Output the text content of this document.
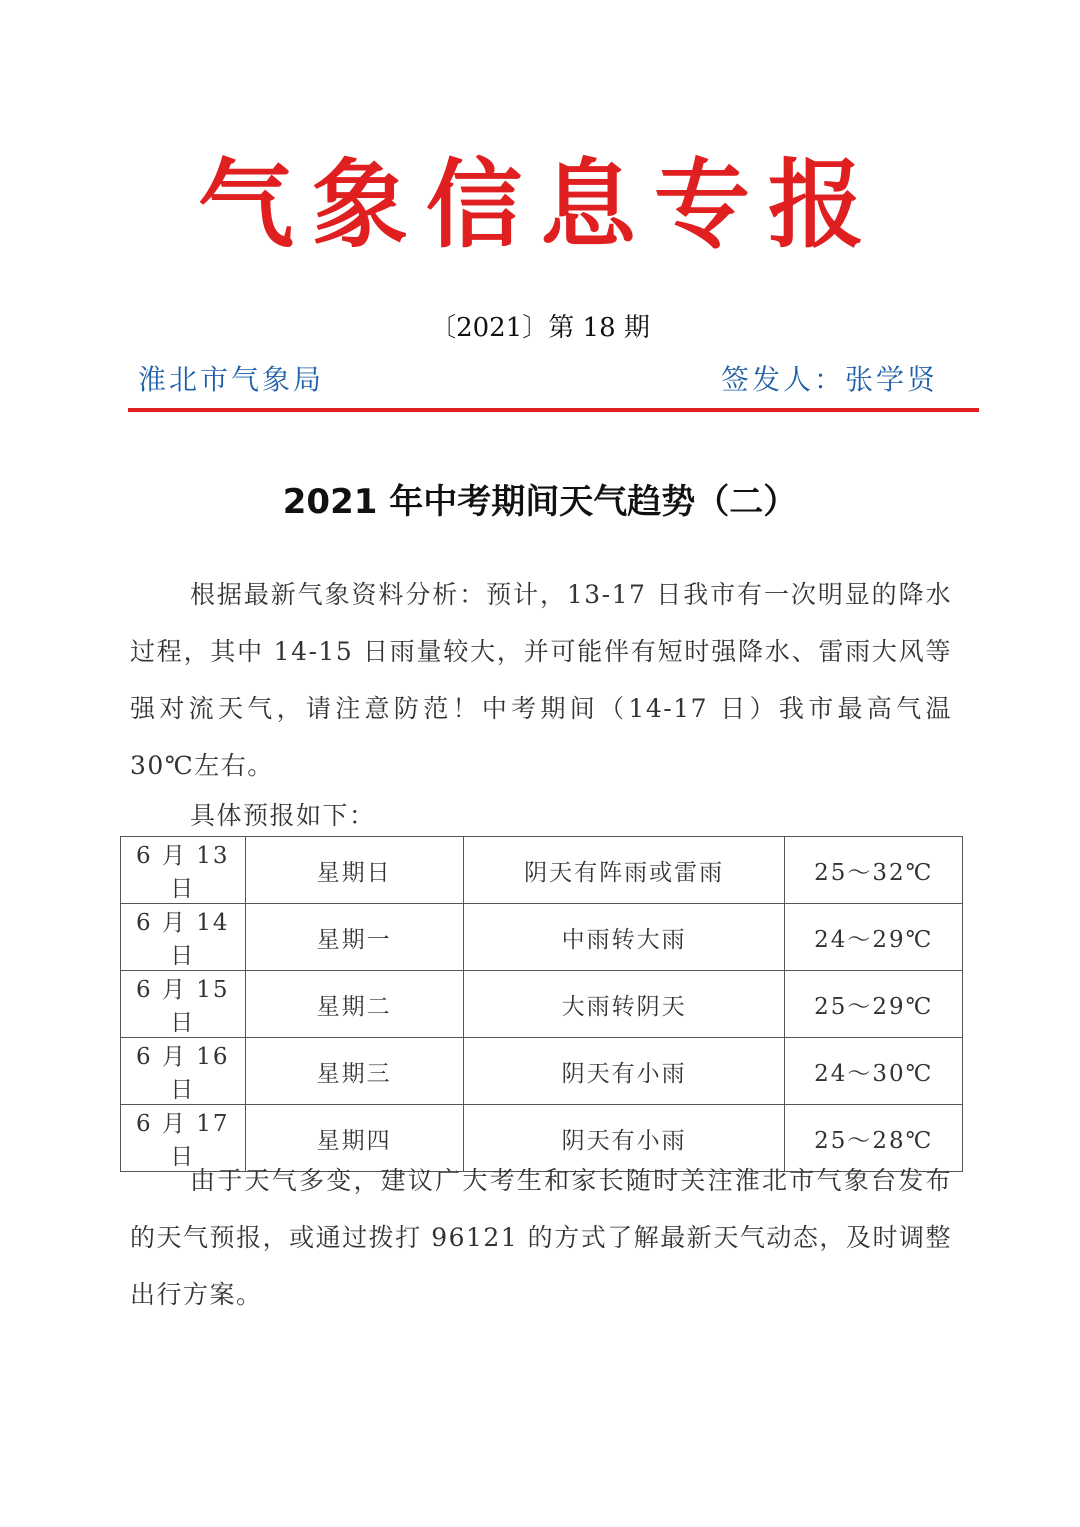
气象信息专报
〔2021〕第 18 期
淮北市气象局	签发人：张学贤
2021 年中考期间天气趋势（二）

根据最新气象资料分析：预计，13-17 日我市有一次明显的降水过程，其中 14-15 日雨量较大，并可能伴有短时强降水、雷雨大风等强对流天气，请注意防范！中考期间（14-17 日）我市最高气温 30℃左右。

具体预报如下：
6 月 13 日	星期日	阴天有阵雨或雷雨	25～32℃
6 月 14 日	星期一	中雨转大雨	24～29℃
6 月 15 日	星期二	大雨转阴天	25～29℃
6 月 16 日	星期三	阴天有小雨	24～30℃
6 月 17 日	星期四	阴天有小雨	25～28℃

由于天气多变，建议广大考生和家长随时关注淮北市气象台发布的天气预报，或通过拨打 96121 的方式了解最新天气动态，及时调整出行方案。
